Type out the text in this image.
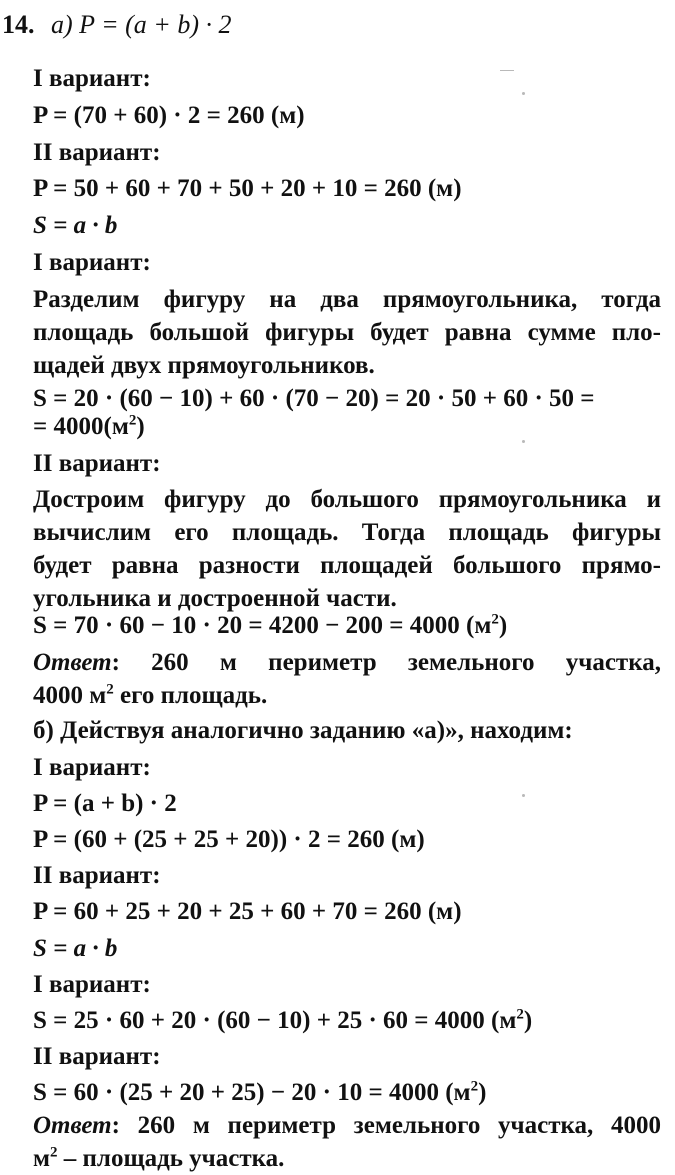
14. а) P = (a + b) · 2
I вариант:
P = (70 + 60) · 2 = 260 (м)
II вариант:
P = 50 + 60 + 70 + 50 + 20 + 10 = 260 (м)
S = a · b
I вариант:
Разделим фигуру на два прямоугольника, тогда
площадь большой фигуры будет равна сумме пло-
щадей двух прямоугольников.
S = 20 · (60 − 10) + 60 · (70 − 20) = 20 · 50 + 60 · 50 =
= $4000(м^2)$
II вариант:
Достроим фигуру до большого прямоугольника и
вычислим его площадь. Тогда площадь фигуры
будет равна разности площадей большого прямо-
угольника и достроенной части.
S = 70 · 60 − 10 · 20 = 4200 − 200 = 4000 $(м^2)$
Ответ: 260 м периметр земельного участка,
4000 $м^2$ его площадь.
б) Действуя аналогично заданию «а)», находим:
I вариант:
P = (a + b) · 2
P = (60 + (25 + 25 + 20)) · 2 = 260 (м)
II вариант:
P = 60 + 25 + 20 + 25 + 60 + 70 = 260 (м)
S = a · b
I вариант:
S = 25 · 60 + 20 · (60 − 10) + 25 · 60 = 4000 $(м^2)$
II вариант:
S = 60 · (25 + 20 + 25) − 20 · 10 = 4000 $(м^2)$
Ответ: 260 м периметр земельного участка, 4000
$м^2$ – площадь участка.
